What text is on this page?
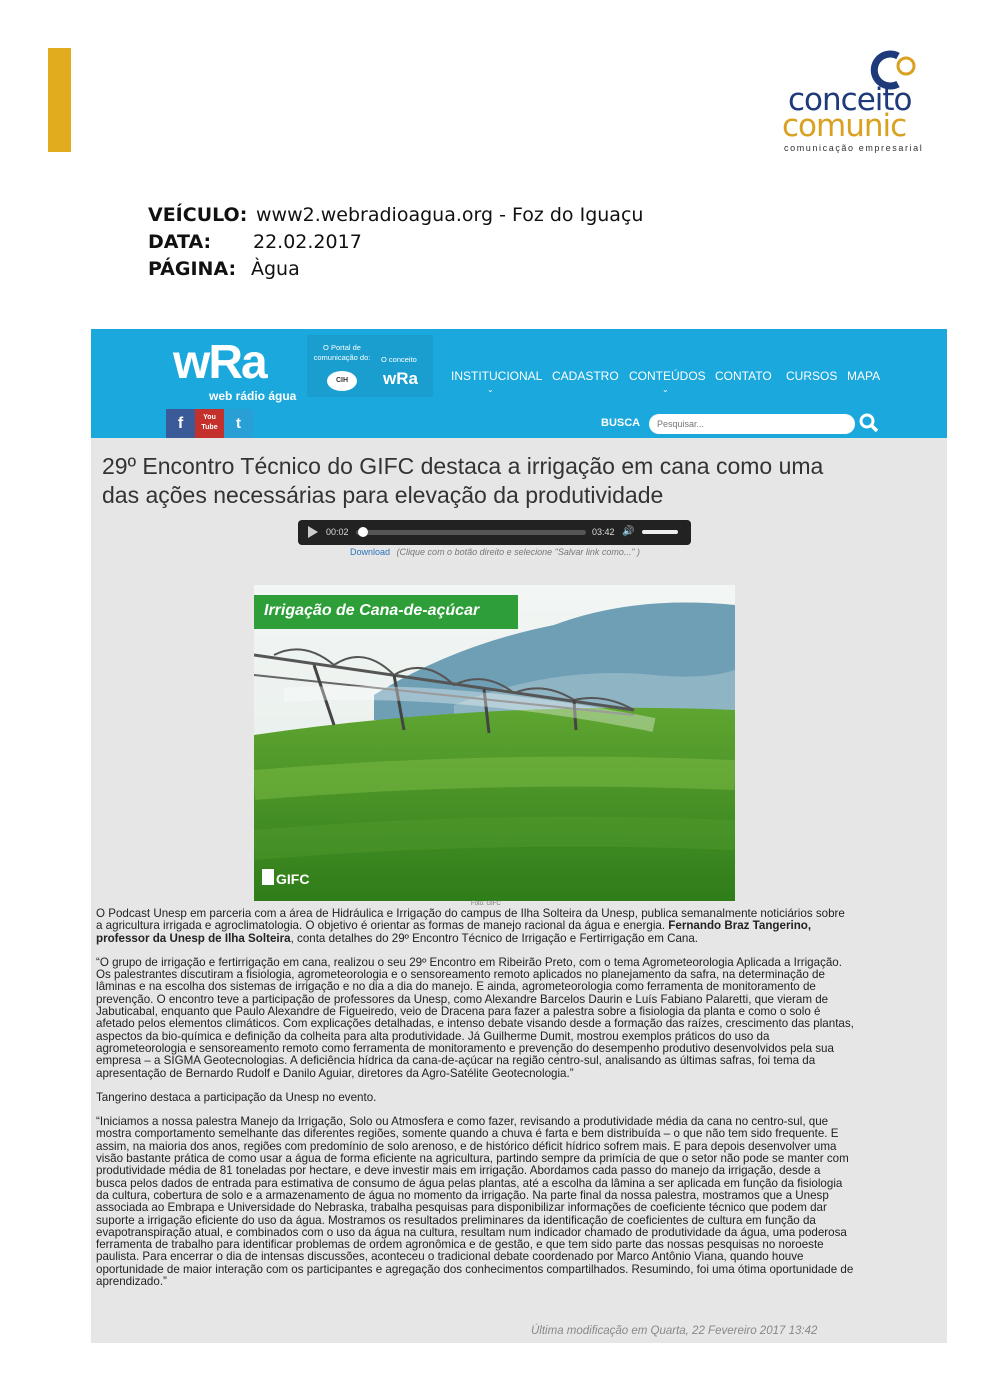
conceito
comunic
comunicação empresarial
VEÍCULO: www2.webradioagua.org - Foz do Iguaçu
DATA: 22.02.2017
PÁGINA: Àgua
wRa
web rádio água
O Portal de comunicação do:	O conceito
CIH	wRa	INSTITUCIONAL
⌄
CADASTRO CONTEÚDOS
⌄
CONTATO CURSOS MAPA
f	You Tube	t	BUSCA
Pesquisar...
29º Encontro Técnico do GIFC destaca a irrigação em cana como uma das ações necessárias para elevação da produtividade
00:02	03:42 🔊
Download (Clique com o botão direito e selecione "Salvar link como..." )
Irrigação de Cana-de-açúcar
GIFC
Foto: GIFC

O Podcast Unesp em parceria com a área de Hidráulica e Irrigação do campus de Ilha Solteira da Unesp, publica semanalmente noticiários sobre a agricultura irrigada e agroclimatologia. O objetivo é orientar as formas de manejo racional da água e energia. Fernando Braz Tangerino, professor da Unesp de Ilha Solteira, conta detalhes do 29º Encontro Técnico de Irrigação e Fertirrigação em Cana.

“O grupo de irrigação e fertirrigação em cana, realizou o seu 29º Encontro em Ribeirão Preto, com o tema Agrometeorologia Aplicada a Irrigação. Os palestrantes discutiram a fisiologia, agrometeorologia e o sensoreamento remoto aplicados no planejamento da safra, na determinação de lâminas e na escolha dos sistemas de irrigação e no dia a dia do manejo. E ainda, agrometeorologia como ferramenta de monitoramento de prevenção. O encontro teve a participação de professores da Unesp, como Alexandre Barcelos Daurin e Luís Fabiano Palaretti, que vieram de Jabuticabal, enquanto que Paulo Alexandre de Figueiredo, veio de Dracena para fazer a palestra sobre a fisiologia da planta e como o solo é afetado pelos elementos climáticos. Com explicações detalhadas, e intenso debate visando desde a formação das raízes, crescimento das plantas, aspectos da bio-química e definição da colheita para alta produtividade. Já Guilherme Dumit, mostrou exemplos práticos do uso da agrometeorologia e sensoreamento remoto como ferramenta de monitoramento e prevenção do desempenho produtivo desenvolvidos pela sua empresa – a SIGMA Geotecnologias. A deficiência hídrica da cana-de-açúcar na região centro-sul, analisando as últimas safras, foi tema da apresentação de Bernardo Rudolf e Danilo Aguiar, diretores da Agro-Satélite Geotecnologia.”

Tangerino destaca a participação da Unesp no evento.

“Iniciamos a nossa palestra Manejo da Irrigação, Solo ou Atmosfera e como fazer, revisando a produtividade média da cana no centro-sul, que mostra comportamento semelhante das diferentes regiões, somente quando a chuva é farta e bem distribuída – o que não tem sido frequente. E assim, na maioria dos anos, regiões com predomínio de solo arenoso, e de histórico déficit hídrico sofrem mais. E para depois desenvolver uma visão bastante prática de como usar a água de forma eficiente na agricultura, partindo sempre da primícia de que o setor não pode se manter com produtividade média de 81 toneladas por hectare, e deve investir mais em irrigação. Abordamos cada passo do manejo da irrigação, desde a busca pelos dados de entrada para estimativa de consumo de água pelas plantas, até a escolha da lâmina a ser aplicada em função da fisiologia da cultura, cobertura de solo e a armazenamento de água no momento da irrigação. Na parte final da nossa palestra, mostramos que a Unesp associada ao Embrapa e Universidade do Nebraska, trabalha pesquisas para disponibilizar informações de coeficiente técnico que podem dar suporte a irrigação eficiente do uso da água. Mostramos os resultados preliminares da identificação de coeficientes de cultura em função da evapotranspiração atual, e combinados com o uso da água na cultura, resultam num indicador chamado de produtividade da água, uma poderosa ferramenta de trabalho para identificar problemas de ordem agronômica e de gestão, e que tem sido parte das nossas pesquisas no noroeste paulista. Para encerrar o dia de intensas discussões, aconteceu o tradicional debate coordenado por Marco Antônio Viana, quando houve oportunidade de maior interação com os participantes e agregação dos conhecimentos compartilhados. Resumindo, foi uma ótima oportunidade de aprendizado.”

Última modificação em Quarta, 22 Fevereiro 2017 13:42
